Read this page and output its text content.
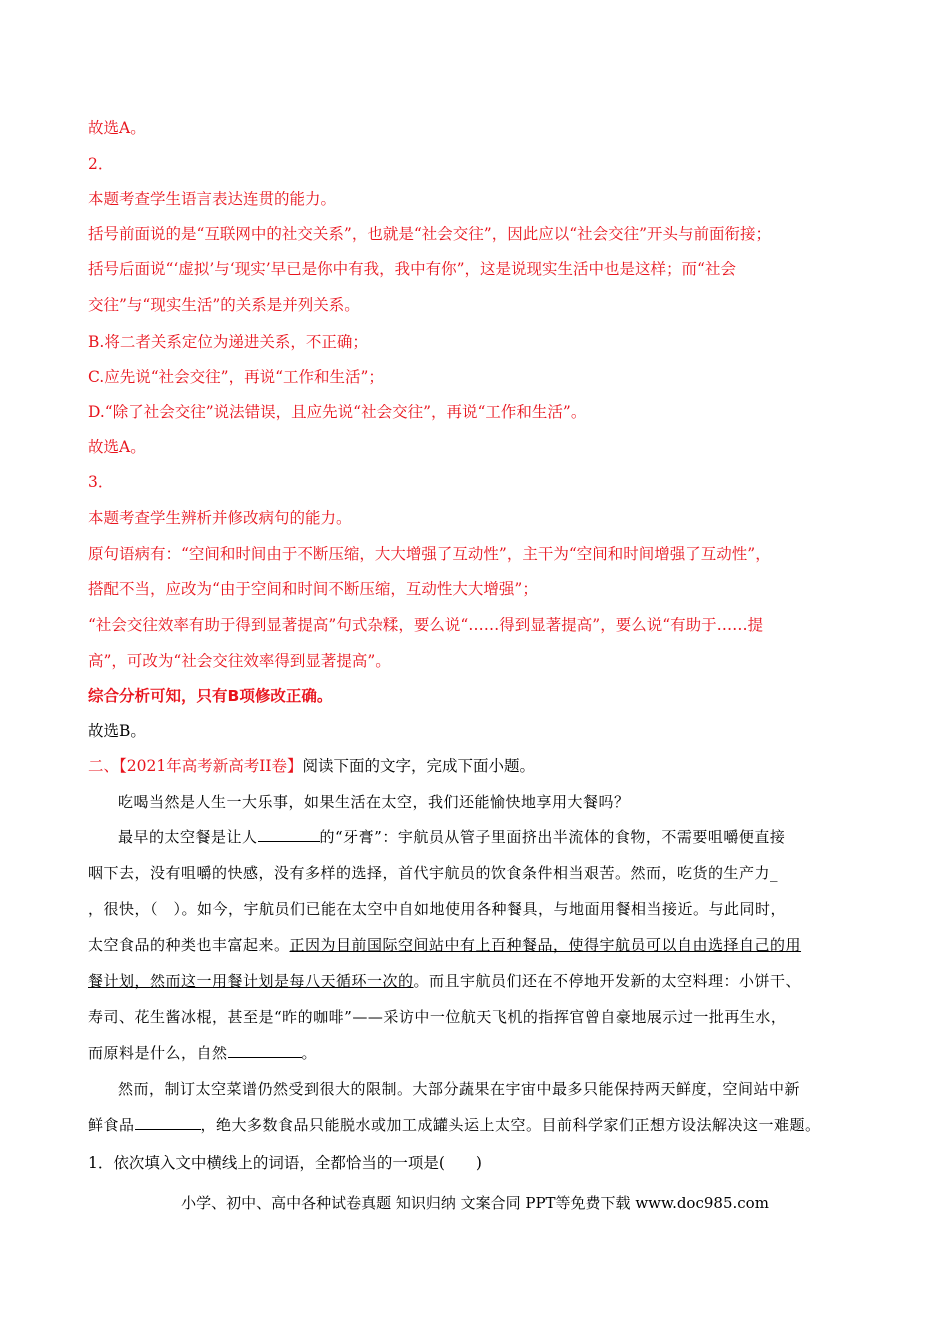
故选A。
2．
本题考查学生语言表达连贯的能力。
括号前面说的是“互联网中的社交关系”，也就是“社会交往”，因此应以“社会交往”开头与前面衔接；
括号后面说“‘虚拟’与‘现实’早已是你中有我，我中有你”，这是说现实生活中也是这样；而“社会
交往”与“现实生活”的关系是并列关系。
B.将二者关系定位为递进关系，不正确；
C.应先说“社会交往”，再说“工作和生活”；
D.“除了社会交往”说法错误，且应先说“社会交往”，再说“工作和生活”。
故选A。
3．
本题考查学生辨析并修改病句的能力。
原句语病有：“空间和时间由于不断压缩，大大增强了互动性”，主干为“空间和时间增强了互动性”，
搭配不当，应改为“由于空间和时间不断压缩，互动性大大增强”；
“社会交往效率有助于得到显著提高”句式杂糅，要么说“……得到显著提高”，要么说“有助于……提
高”，可改为“社会交往效率得到显著提高”。
综合分析可知，只有B项修改正确。
故选B。
二、【2021年高考新高考II卷】阅读下面的文字，完成下面小题。
吃喝当然是人生一大乐事，如果生活在太空，我们还能愉快地享用大餐吗？
最早的太空餐是让人	的“牙膏”：宇航员从管子里面挤出半流体的食物，不需要咀嚼便直接
咽下去，没有咀嚼的快感，没有多样的选择，首代宇航员的饮食条件相当艰苦。然而，吃货的生产力_
，很快，（　）。如今，宇航员们已能在太空中自如地使用各种餐具，与地面用餐相当接近。与此同时，
太空食品的种类也丰富起来。正因为目前国际空间站中有上百种餐品，使得宇航员可以自由选择自己的用
餐计划，然而这一用餐计划是每八天循环一次的。而且宇航员们还在不停地开发新的太空料理：小饼干、
寿司、花生酱冰棍，甚至是“昨的咖啡”——采访中一位航天飞机的指挥官曾自豪地展示过一批再生水，
而原料是什么，自然	。
然而，制订太空菜谱仍然受到很大的限制。大部分蔬果在宇宙中最多只能保持两天鲜度，空间站中新
鲜食品	，绝大多数食品只能脱水或加工成罐头运上太空。目前科学家们正想方设法解决这一难题。
1．依次填入文中横线上的词语，全都恰当的一项是(　　)
小学、初中、高中各种试卷真题 知识归纳 文案合同 PPT等免费下载 www.doc985.com
